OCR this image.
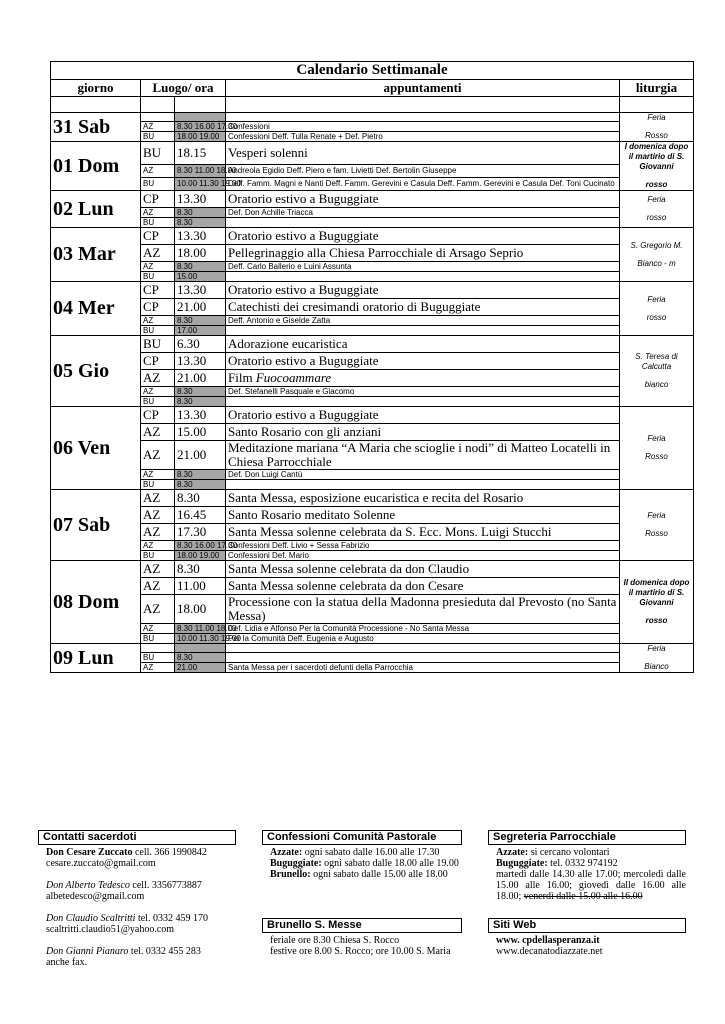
Calendario Settimanale				
giorno	Luogo/ ora		appuntamenti	liturgia

31 Sab				Feria
Rosso
	AZ	8.30 16.00 17.30	Confessioni	
	BU	18.00 19.00	Confessioni Deff. Tulla Renate + Def. Pietro	
01 Dom	BU	18.15	Vesperi solenni	I domenica dopo il martirio di S. Giovanni
rosso
	AZ	8.30 11.00 18.00	Andreola Egidio Deff. Piero e fam. Livietti Def. Bertolin Giuseppe	
	BU	10.00 11.30 19.00	Deff. Famm. Magni e Nanti Deff. Famm. Gerevini e Casula Deff. Famm. Gerevini e Casula Def. Toni Cucinato	
02 Lun	CP	13.30	Oratorio estivo a Buguggiate	Feria
rosso
	AZ	8.30	Def. Don Achille Triacca	
	BU	8.30		
03 Mar	CP	13.30	Oratorio estivo a Buguggiate	S. Gregorio M.
Bianco - m
	AZ	18.00	Pellegrinaggio alla Chiesa Parrocchiale di Arsago Seprio	
	AZ	8.30	Deff. Carlo Ballerio e Luini Assunta	
	BU	15.00		
04 Mer	CP	13.30	Oratorio estivo a Buguggiate	Feria
rosso
	CP	21.00	Catechisti dei cresimandi oratorio di Buguggiate	
	AZ	8.30	Deff. Antonio e Giselde Zatta	
	BU	17.00		
05 Gio	BU	6.30	Adorazione eucaristica	S. Teresa di Calcutta
bianco
	CP	13.30	Oratorio estivo a Buguggiate	
	AZ	21.00	Film Fuocoammare	
	AZ	8.30	Def. Stefanelli Pasquale e Giacomo	
	BU	8.30		
06 Ven	CP	13.30	Oratorio estivo a Buguggiate	Feria
Rosso
	AZ	15.00	Santo Rosario con gli anziani	
	AZ	21.00	Meditazione mariana “A Maria che scioglie i nodi” di Matteo Locatelli in Chiesa Parrocchiale	
	AZ	8.30	Def. Don Luigi Cantù	
	BU	8.30		
07 Sab	AZ	8.30	Santa Messa, esposizione eucaristica e recita del Rosario	Feria
Rosso
	AZ	16.45	Santo Rosario meditato Solenne	
	AZ	17.30	Santa Messa solenne celebrata da S. Ecc. Mons. Luigi Stucchi	
	AZ	8.30 16.00 17.30	Confessioni Deff. Livio + Sessa Fabrizio	
	BU	18.00 19.00	Confessioni Def. Mario	
08 Dom	AZ	8.30	Santa Messa solenne celebrata da don Claudio	II domenica dopo il martirio di S. Giovanni
rosso
	AZ	11.00	Santa Messa solenne celebrata da don Cesare	
	AZ	18.00	Processione con la statua della Madonna presieduta dal Prevosto (no Santa Messa)	
	AZ	8.30 11.00 18.00	Def. Lidia e Alfonso Per la Comunità Processione - No Santa Messa	
	BU	10.00 11.30 19.00	Per la Comunità Deff. Eugenia e Augusto	
09 Lun				Feria
Bianco
	BU	8.30		
	AZ	21.00	Santa Messa per i sacerdoti defunti della Parrocchia	
Contatti sacerdoti

Don Cesare Zuccato cell. 366 1990842

cesare.zuccato@gmail.com

Don Alberto Tedesco cell. 3356773887

albetedesco@gmail.com

Don Claudio Scaltritti tel. 0332 459 170

scaltritti.claudio51@yahoo.com

Don Gianni Pianaro tel. 0332 455 283

anche fax.

Confessioni Comunità Pastorale

Azzate: ogni sabato dalle 16.00 alle 17.30

Buguggiate: ogni sabato dalle 18.00 alle 19.00

Brunello: ogni sabato dalle 15.00 alle 18.00

Brunello S. Messe

feriale ore 8.30 Chiesa S. Rocco

festive ore 8.00 S. Rocco; ore 10.00 S. Maria

Segreteria Parrocchiale

Azzate: si cercano volontari

Buguggiate: tel. 0332 974192

martedì dalle 14.30 alle 17.00; mercoledì dalle 15.00 alle 16.00; giovedì dalle 16.00 alle 18.00; venerdì dalle 15.00 alle 16.00

Siti Web

www. cpdellasperanza.it

www.decanatodiazzate.net
